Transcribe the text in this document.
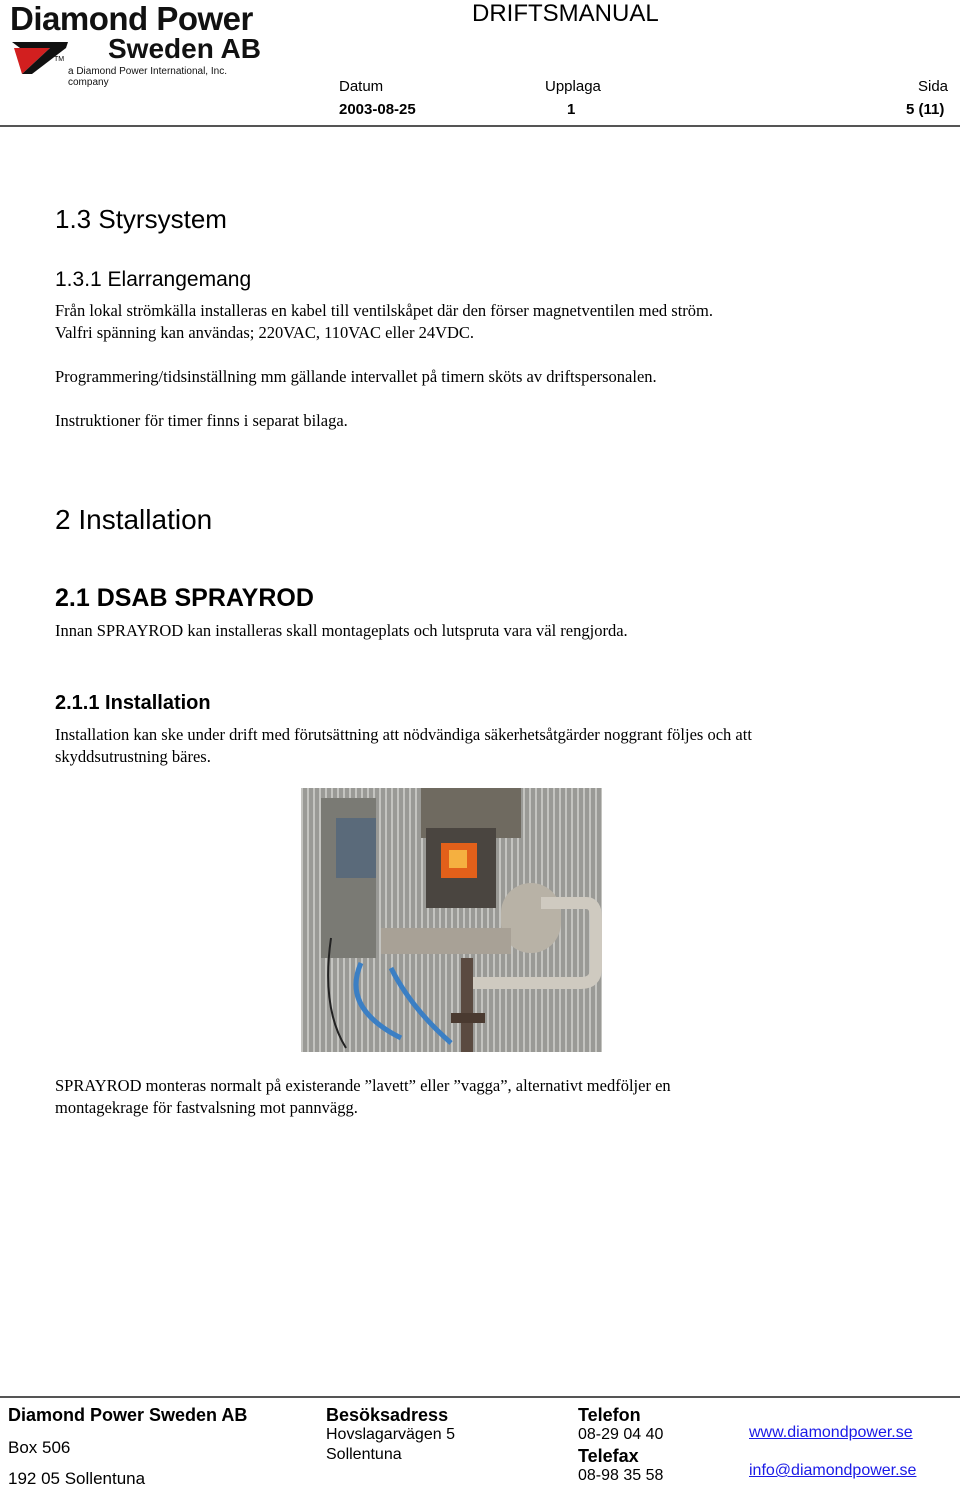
Diamond Power
TM Sweden AB
a Diamond Power International, Inc. company
DRIFTSMANUAL
Datum
2003-08-25
Upplaga
1
Sida
5 (11)
1.3 Styrsystem
1.3.1 Elarrangemang
Från lokal strömkälla installeras en kabel till ventilskåpet där den förser magnetventilen med ström.
Valfri spänning kan användas; 220VAC, 110VAC eller 24VDC.
Programmering/tidsinställning mm gällande intervallet på timern sköts av driftspersonalen.
Instruktioner för timer finns i separat bilaga.
2 Installation
2.1 DSAB SPRAYROD
Innan SPRAYROD kan installeras skall montageplats och lutspruta vara väl rengjorda.
2.1.1 Installation
Installation kan ske under drift med förutsättning att nödvändiga säkerhetsåtgärder noggrant följes och att
skyddsutrustning bäres.
SPRAYROD monteras normalt på existerande ”lavett” eller ”vagga”, alternativt medföljer en
montagekrage för fastvalsning mot pannvägg.
Diamond Power Sweden AB
Box 506
192 05 Sollentuna
Besöksadress
Hovslagarvägen 5
Sollentuna
Telefon
08-29 04 40
Telefax
08-98 35 58
www.diamondpower.se
info@diamondpower.se
